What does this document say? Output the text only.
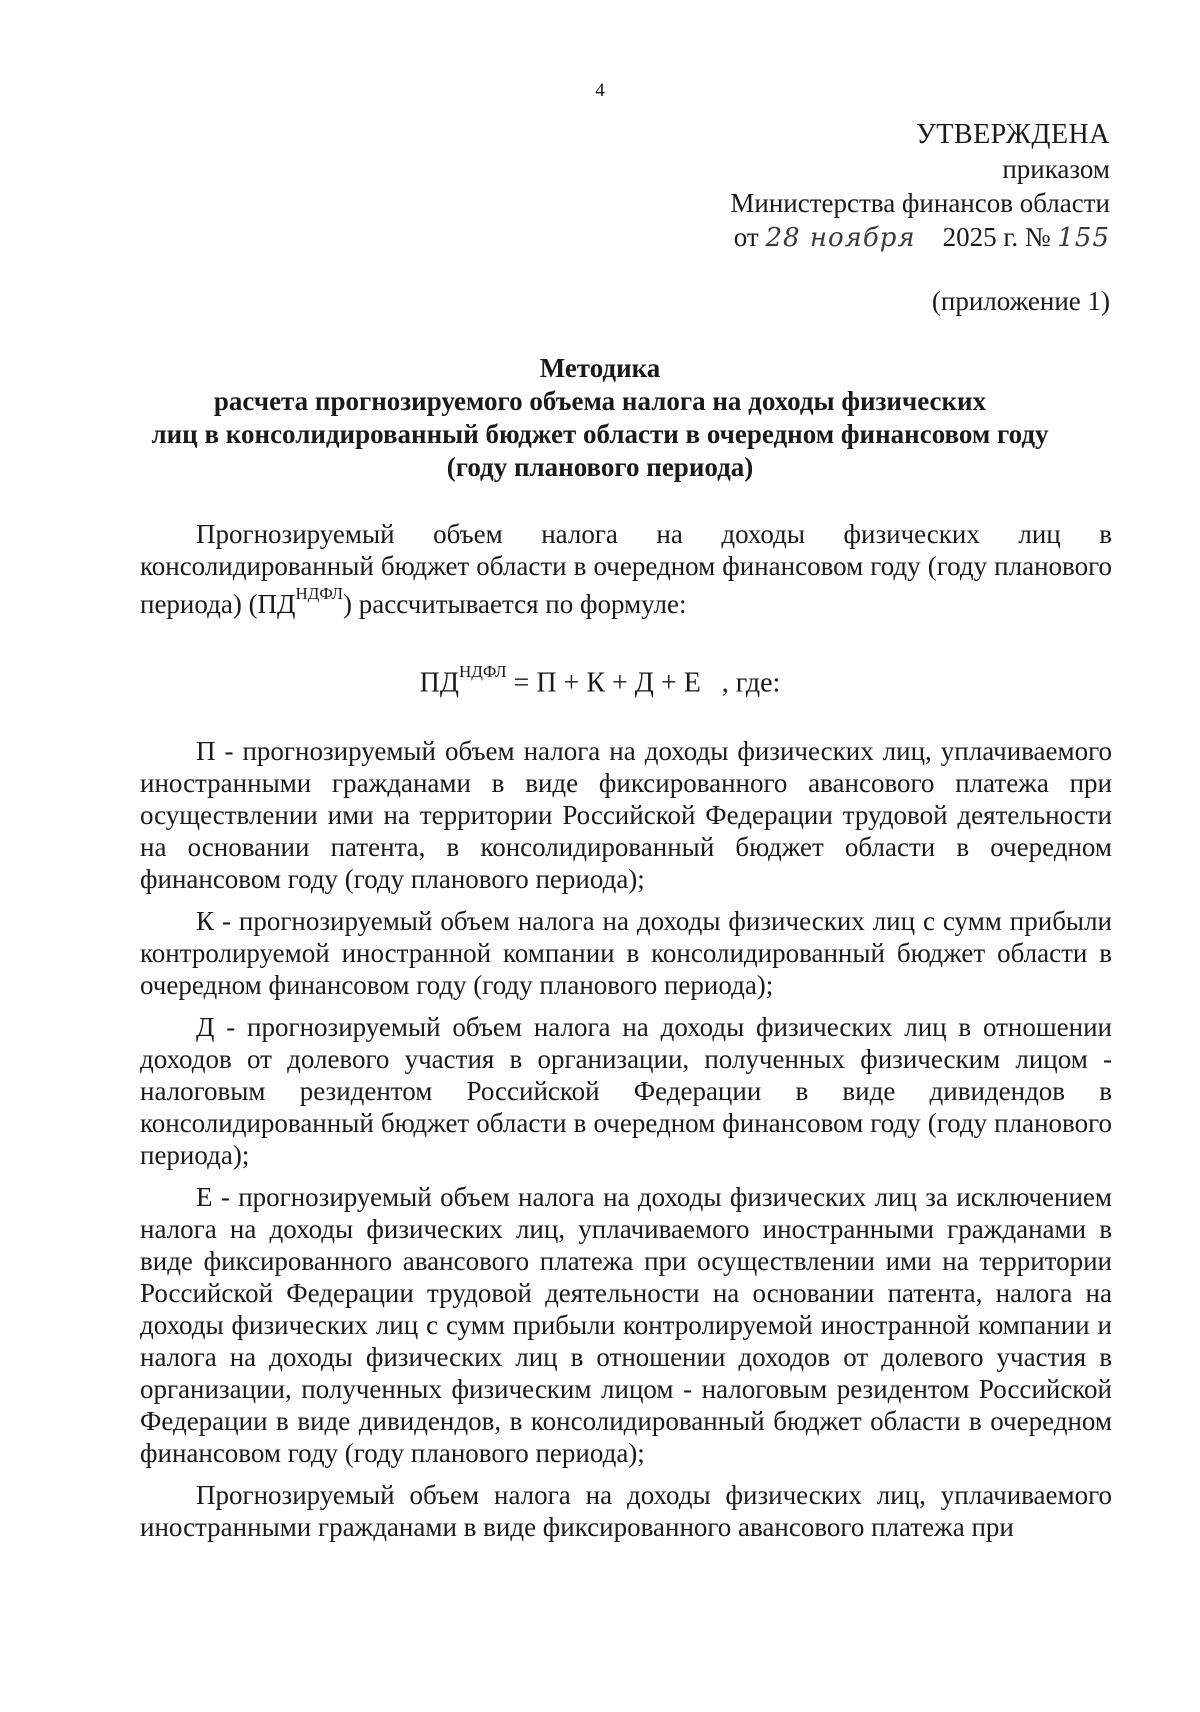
4
УТВЕРЖДЕНА
приказом
Министерства финансов области
от 28 ноября 2025 г. № 155
(приложение 1)
Методика
расчета прогнозируемого объема налога на доходы физических
лиц в консолидированный бюджет области в очередном финансовом году
(году планового периода)

Прогнозируемый объем налога на доходы физических лиц в консолидированный бюджет области в очередном финансовом году (году планового периода) $(ПД^{НДФЛ})$ рассчитывается по формуле:

$ПД^{НДФЛ} = П + К + Д + Е$   , где:

П - прогнозируемый объем налога на доходы физических лиц, уплачиваемого иностранными гражданами в виде фиксированного авансового платежа при осуществлении ими на территории Российской Федерации трудовой деятельности на основании патента, в консолидированный бюджет области в очередном финансовом году (году планового периода);

К - прогнозируемый объем налога на доходы физических лиц с сумм прибыли контролируемой иностранной компании в консолидированный бюджет области в очередном финансовом году (году планового периода);

Д - прогнозируемый объем налога на доходы физических лиц в отношении доходов от долевого участия в организации, полученных физическим лицом - налоговым резидентом Российской Федерации в виде дивидендов в консолидированный бюджет области в очередном финансовом году (году планового периода);

Е - прогнозируемый объем налога на доходы физических лиц за исключением налога на доходы физических лиц, уплачиваемого иностранными гражданами в виде фиксированного авансового платежа при осуществлении ими на территории Российской Федерации трудовой деятельности на основании патента, налога на доходы физических лиц с сумм прибыли контролируемой иностранной компании и налога на доходы физических лиц в отношении доходов от долевого участия в организации, полученных физическим лицом - налоговым резидентом Российской Федерации в виде дивидендов, в консолидированный бюджет области в очередном финансовом году (году планового периода);

Прогнозируемый объем налога на доходы физических лиц, уплачиваемого иностранными гражданами в виде фиксированного авансового платежа при
